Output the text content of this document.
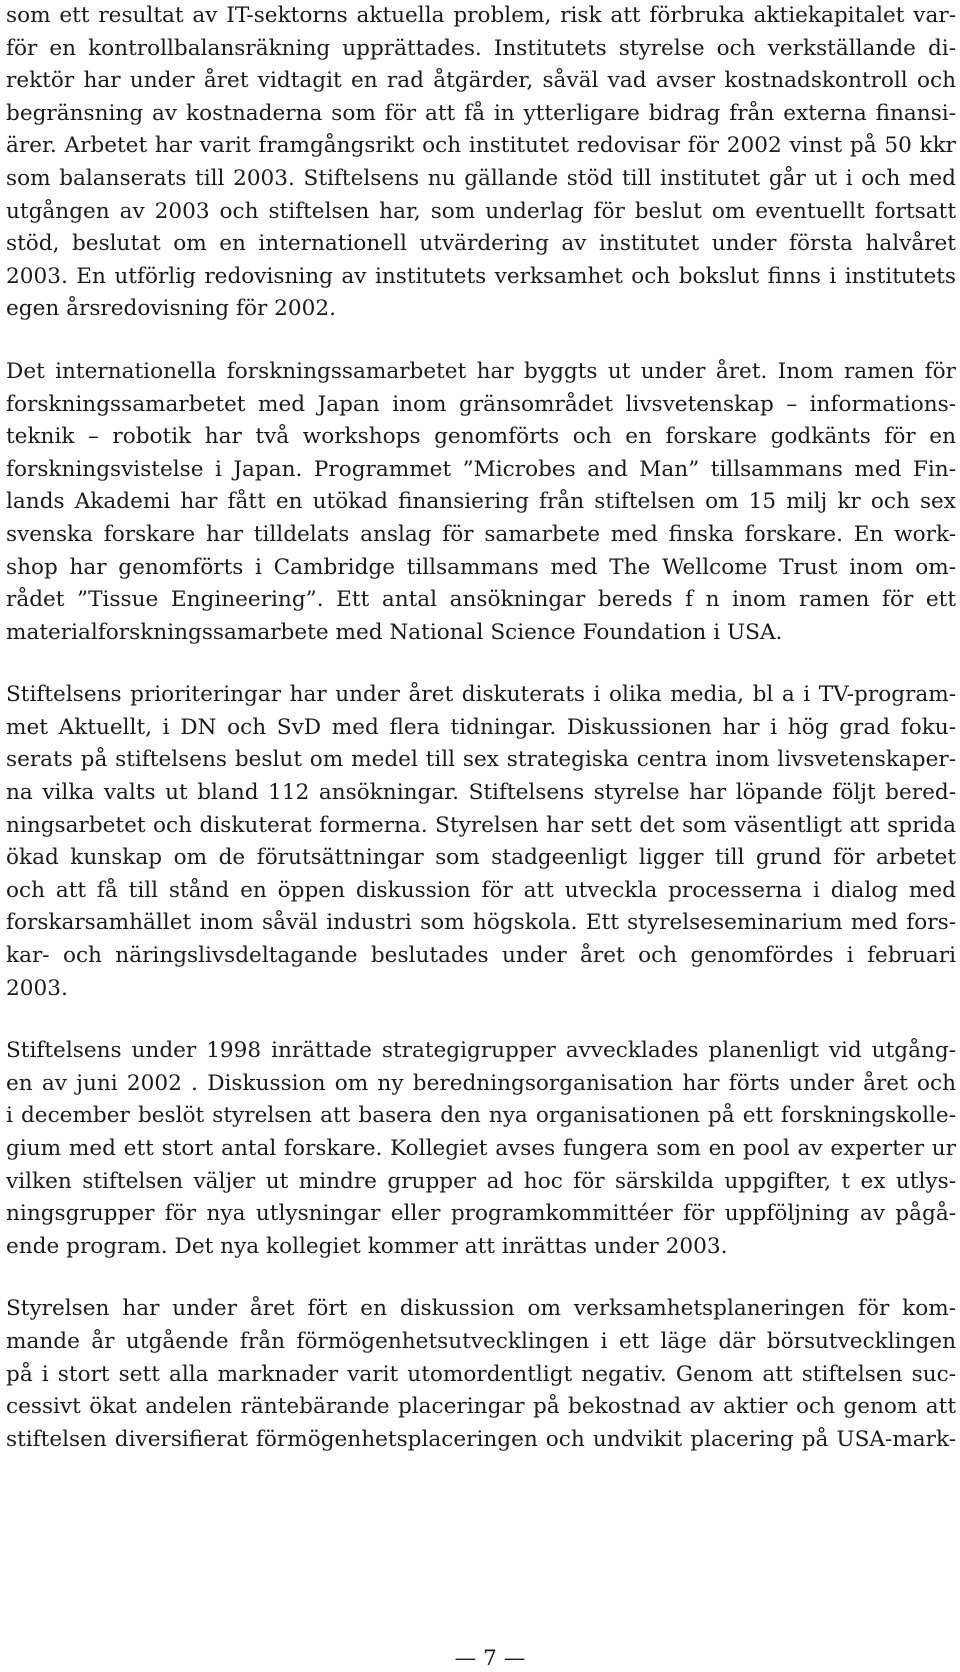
som ett resultat av IT-sektorns aktuella problem, risk att förbruka aktiekapitalet var-
för en kontrollbalansräkning upprättades. Institutets styrelse och verkställande di-
rektör har under året vidtagit en rad åtgärder, såväl vad avser kostnadskontroll och
begränsning av kostnaderna som för att få in ytterligare bidrag från externa finansi-
ärer. Arbetet har varit framgångsrikt och institutet redovisar för 2002 vinst på 50 kkr
som balanserats till 2003. Stiftelsens nu gällande stöd till institutet går ut i och med
utgången av 2003 och stiftelsen har, som underlag för beslut om eventuellt fortsatt
stöd, beslutat om en internationell utvärdering av institutet under första halvåret
2003. En utförlig redovisning av institutets verksamhet och bokslut finns i institutets
egen årsredovisning för 2002.
Det internationella forskningssamarbetet har byggts ut under året. Inom ramen för
forskningssamarbetet med Japan inom gränsområdet livsvetenskap – informations-
teknik – robotik har två workshops genomförts och en forskare godkänts för en
forskningsvistelse i Japan. Programmet ”Microbes and Man” tillsammans med Fin-
lands Akademi har fått en utökad finansiering från stiftelsen om 15 milj kr och sex
svenska forskare har tilldelats anslag för samarbete med finska forskare. En work-
shop har genomförts i Cambridge tillsammans med The Wellcome Trust inom om-
rådet ”Tissue Engineering”. Ett antal ansökningar bereds f n inom ramen för ett
materialforskningssamarbete med National Science Foundation i USA.
Stiftelsens prioriteringar har under året diskuterats i olika media, bl a i TV-program-
met Aktuellt, i DN och SvD med flera tidningar. Diskussionen har i hög grad foku-
serats på stiftelsens beslut om medel till sex strategiska centra inom livsvetenskaper-
na vilka valts ut bland 112 ansökningar. Stiftelsens styrelse har löpande följt bered-
ningsarbetet och diskuterat formerna. Styrelsen har sett det som väsentligt att sprida
ökad kunskap om de förutsättningar som stadgeenligt ligger till grund för arbetet
och att få till stånd en öppen diskussion för att utveckla processerna i dialog med
forskarsamhället inom såväl industri som högskola. Ett styrelseseminarium med fors-
kar- och näringslivsdeltagande beslutades under året och genomfördes i februari
2003.
Stiftelsens under 1998 inrättade strategigrupper avvecklades planenligt vid utgång-
en av juni 2002 . Diskussion om ny beredningsorganisation har förts under året och
i december beslöt styrelsen att basera den nya organisationen på ett forskningskolle-
gium med ett stort antal forskare. Kollegiet avses fungera som en pool av experter ur
vilken stiftelsen väljer ut mindre grupper ad hoc för särskilda uppgifter, t ex utlys-
ningsgrupper för nya utlysningar eller programkommittéer för uppföljning av pågå-
ende program. Det nya kollegiet kommer att inrättas under 2003.
Styrelsen har under året fört en diskussion om verksamhetsplaneringen för kom-
mande år utgående från förmögenhetsutvecklingen i ett läge där börsutvecklingen
på i stort sett alla marknader varit utomordentligt negativ. Genom att stiftelsen suc-
cessivt ökat andelen räntebärande placeringar på bekostnad av aktier och genom att
stiftelsen diversifierat förmögenhetsplaceringen och undvikit placering på USA-mark-
— 7 —
